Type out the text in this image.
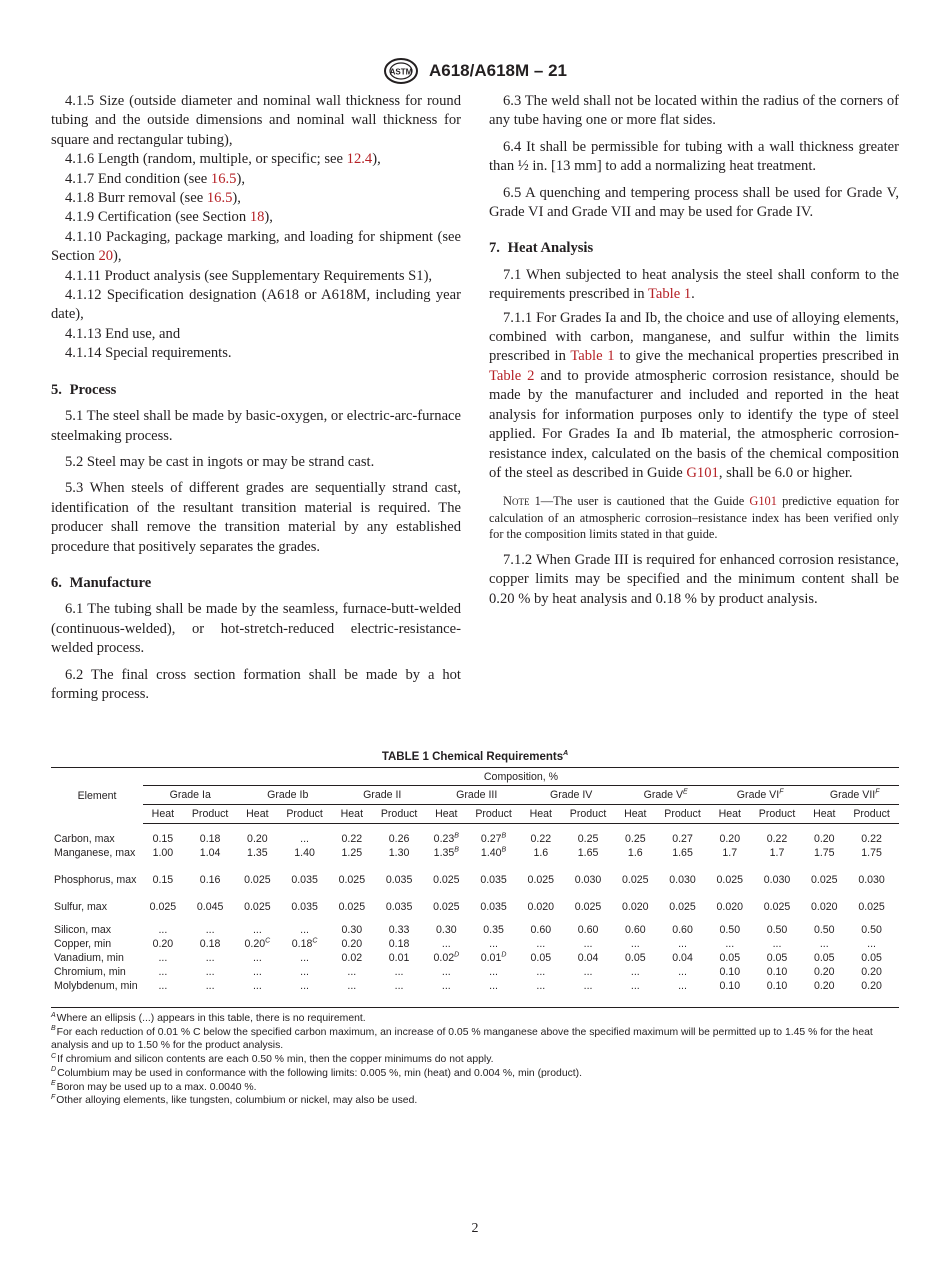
ASTM A618/A618M – 21

4.1.5 Size (outside diameter and nominal wall thickness for round tubing and the outside dimensions and nominal wall thickness for square and rectangular tubing),

4.1.6 Length (random, multiple, or specific; see 12.4),

4.1.7 End condition (see 16.5),

4.1.8 Burr removal (see 16.5),

4.1.9 Certification (see Section 18),

4.1.10 Packaging, package marking, and loading for shipment (see Section 20),

4.1.11 Product analysis (see Supplementary Requirements S1),

4.1.12 Specification designation (A618 or A618M, including year date),

4.1.13 End use, and

4.1.14 Special requirements.

5. Process

5.1 The steel shall be made by basic-oxygen, or electric-arc-furnace steelmaking process.

5.2 Steel may be cast in ingots or may be strand cast.

5.3 When steels of different grades are sequentially strand cast, identification of the resultant transition material is required. The producer shall remove the transition material by any established procedure that positively separates the grades.

6. Manufacture

6.1 The tubing shall be made by the seamless, furnace-butt-welded (continuous-welded), or hot-stretch-reduced electric-resistance-welded process.

6.2 The final cross section formation shall be made by a hot forming process.

6.3 The weld shall not be located within the radius of the corners of any tube having one or more flat sides.

6.4 It shall be permissible for tubing with a wall thickness greater than ½ in. [13 mm] to add a normalizing heat treatment.

6.5 A quenching and tempering process shall be used for Grade V, Grade VI and Grade VII and may be used for Grade IV.

7. Heat Analysis

7.1 When subjected to heat analysis the steel shall conform to the requirements prescribed in Table 1.

7.1.1 For Grades Ia and Ib, the choice and use of alloying elements, combined with carbon, manganese, and sulfur within the limits prescribed in Table 1 to give the mechanical properties prescribed in Table 2 and to provide atmospheric corrosion resistance, should be made by the manufacturer and included and reported in the heat analysis for information purposes only to identify the type of steel applied. For Grades Ia and Ib material, the atmospheric corrosion-resistance index, calculated on the basis of the chemical composition of the steel as described in Guide G101, shall be 6.0 or higher.

Note 1—The user is cautioned that the Guide G101 predictive equation for calculation of an atmospheric corrosion–resistance index has been verified only for the composition limits stated in that guide.

7.1.2 When Grade III is required for enhanced corrosion resistance, copper limits may be specified and the minimum content shall be 0.20 % by heat analysis and 0.18 % by product analysis.

TABLE 1 Chemical Requirements$^A$
Element	Composition, %															
	Grade Ia		Grade Ib		Grade II		Grade III		Grade IV		Grade $V^E$		Grade $VI^F$		Grade $VII^F$
	Heat	Product	Heat	Product	Heat	Product	Heat	Product	Heat	Product	Heat	Product	Heat	Product	Heat	Product

Carbon, max	0.15	0.18	0.20	...	0.22	0.26	$0.23^B$	$0.27^B$	0.22	0.25	0.25	0.27	0.20	0.22	0.20	0.22
Manganese, max	1.00	1.04	1.35	1.40	1.25	1.30	$1.35^B$	$1.40^B$	1.6	1.65	1.6	1.65	1.7	1.7	1.75	1.75
Phosphorus, max	0.15	0.16	0.025	0.035	0.025	0.035	0.025	0.035	0.025	0.030	0.025	0.030	0.025	0.030	0.025	0.030
Sulfur, max	0.025	0.045	0.025	0.035	0.025	0.035	0.025	0.035	0.020	0.025	0.020	0.025	0.020	0.025	0.020	0.025

Silicon, max	...	...	...	...	0.30	0.33	0.30	0.35	0.60	0.60	0.60	0.60	0.50	0.50	0.50	0.50
Copper, min	0.20	0.18	$0.20^C$	$0.18^C$	0.20	0.18	...	...	...	...	...	...	...	...	...	...
Vanadium, min	...	...	...	...	0.02	0.01	$0.02^D$	$0.01^D$	0.05	0.04	0.05	0.04	0.05	0.05	0.05	0.05
Chromium, min	...	...	...	...	...	...	...	...	...	...	...	...	0.10	0.10	0.20	0.20
Molybdenum, min	...	...	...	...	...	...	...	...	...	...	...	...	0.10	0.10	0.20	0.20
$^A$Where an ellipsis (...) appears in this table, there is no requirement.
$^B$For each reduction of 0.01 % C below the specified carbon maximum, an increase of 0.05 % manganese above the specified maximum will be permitted up to 1.45 % for the heat analysis and up to 1.50 % for the product analysis.
$^C$If chromium and silicon contents are each 0.50 % min, then the copper minimums do not apply.
$^D$Columbium may be used in conformance with the following limits: 0.005 %, min (heat) and 0.004 %, min (product).
$^E$Boron may be used up to a max. 0.0040 %.
$^F$Other alloying elements, like tungsten, columbium or nickel, may also be used.
2
